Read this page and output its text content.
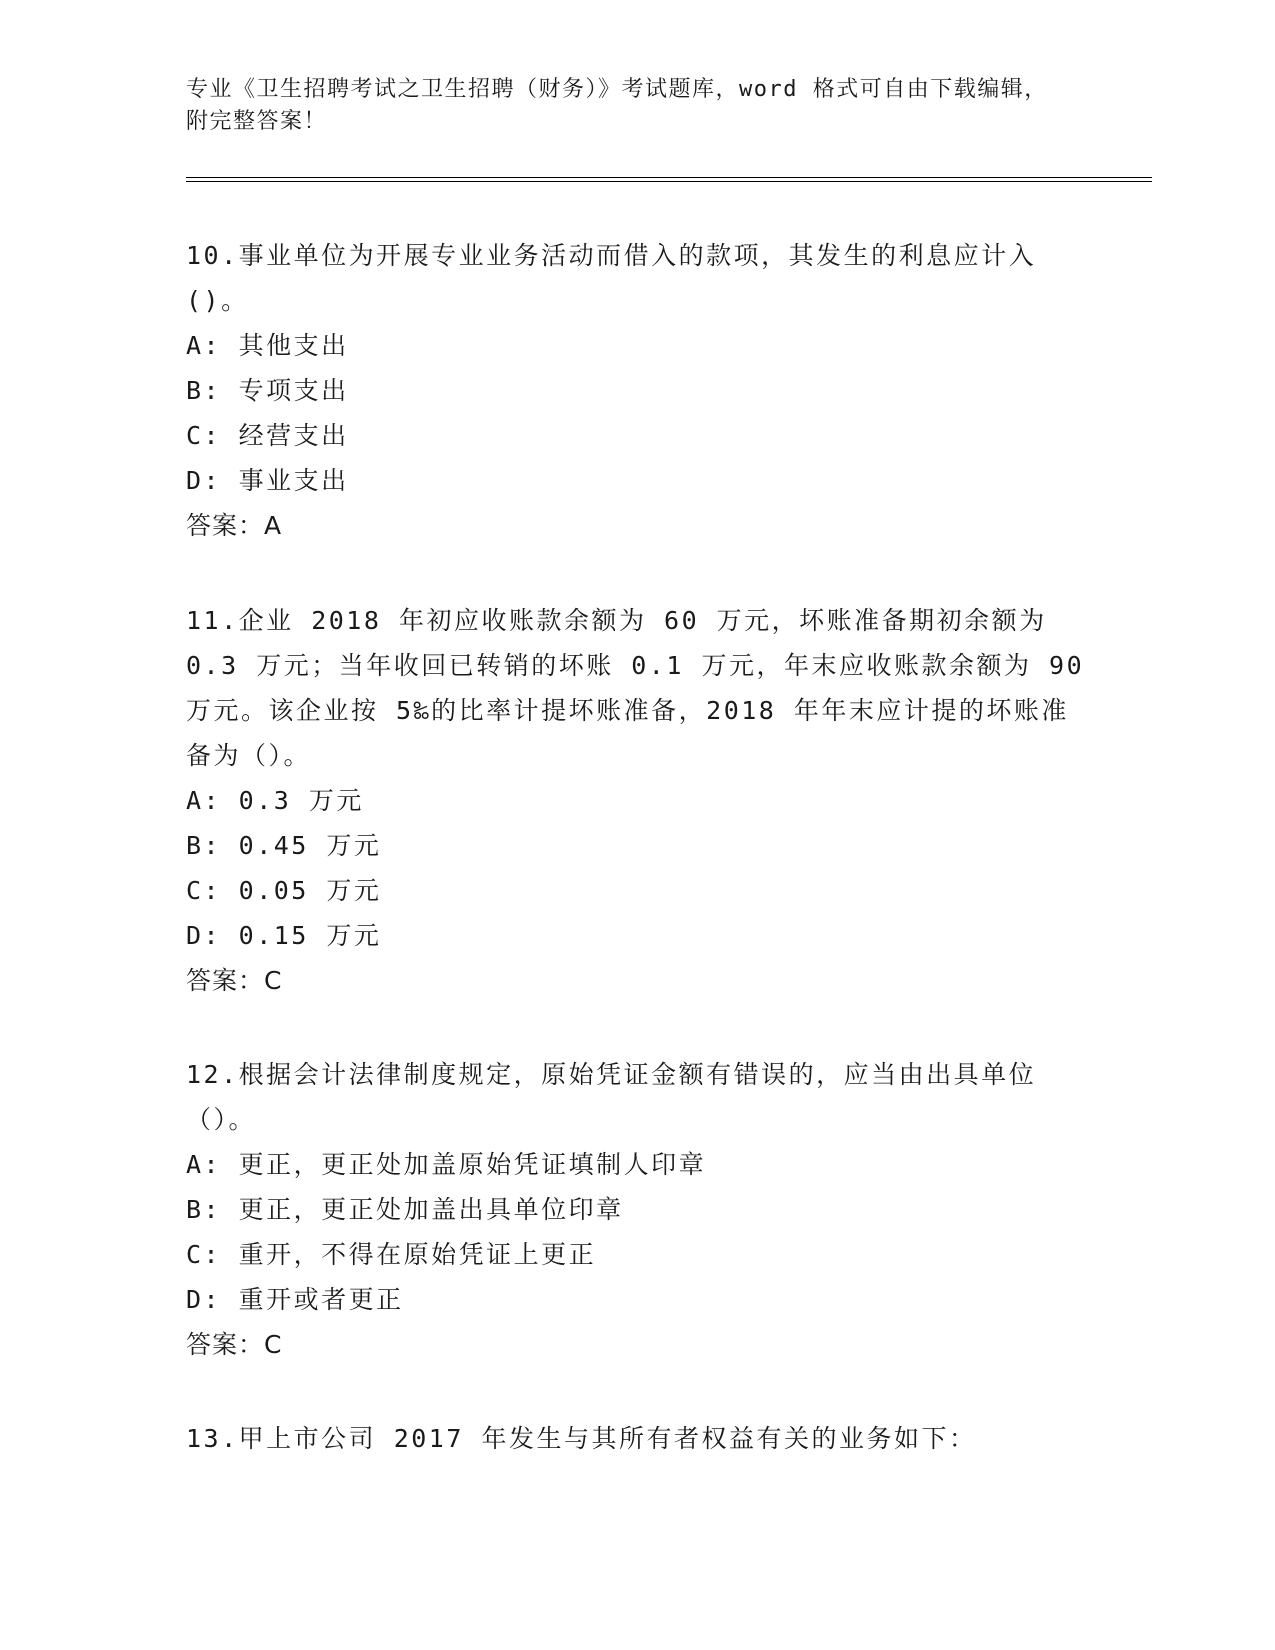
专业《卫生招聘考试之卫生招聘（财务）》考试题库，word 格式可自由下载编辑，附完整答案！

10.事业单位为开展专业业务活动而借入的款项，其发生的利息应计入()。

A: 其他支出

B: 专项支出

C: 经营支出

D: 事业支出

答案：A

11.企业 2018 年初应收账款余额为 60 万元，坏账准备期初余额为 0.3 万元；当年收回已转销的坏账 0.1 万元，年末应收账款余额为 90 万元。该企业按 5‰的比率计提坏账准备，2018 年年末应计提的坏账准备为（）。

A: 0.3 万元

B: 0.45 万元

C: 0.05 万元

D: 0.15 万元

答案：C

12.根据会计法律制度规定，原始凭证金额有错误的，应当由出具单位（）。

A: 更正，更正处加盖原始凭证填制人印章

B: 更正，更正处加盖出具单位印章

C: 重开，不得在原始凭证上更正

D: 重开或者更正

答案：C

13.甲上市公司 2017 年发生与其所有者权益有关的业务如下：
